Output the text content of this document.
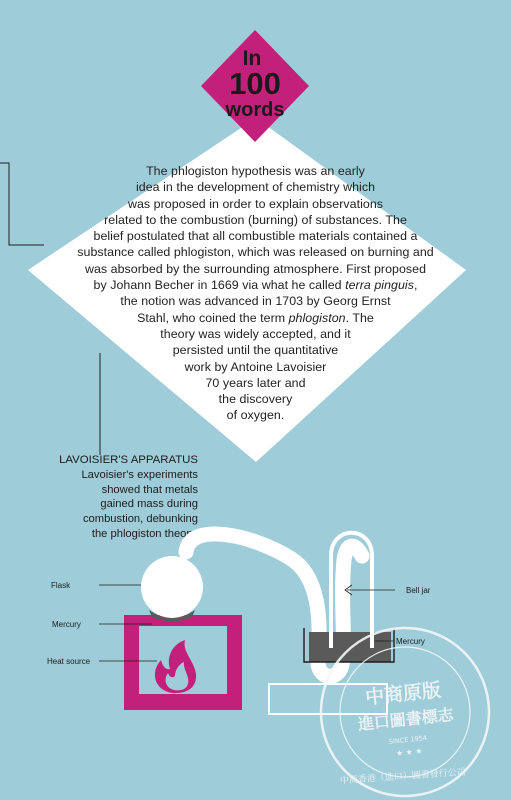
In
100
words
The phlogiston hypothesis was an early
idea in the development of chemistry which
was proposed in order to explain observations
related to the combustion (burning) of substances. The
belief postulated that all combustible materials contained a
substance called phlogiston, which was released on burning and
was absorbed by the surrounding atmosphere. First proposed
by Johann Becher in 1669 via what he called terra pinguis,
the notion was advanced in 1703 by Georg Ernst
Stahl, who coined the term phlogiston. The
theory was widely accepted, and it
persisted until the quantitative
work by Antoine Lavoisier
70 years later and
the discovery
of oxygen.
LAVOISIER'S APPARATUS
Lavoisier's experiments
showed that metals
gained mass during
combustion, debunking
the phlogiston theory.
Flask
Mercury
Heat source
Bell jar
Mercury
中商原版
進口圖書標志
SINCE 1954
★ ★ ★
中商香港（進口）圖書發行公司
